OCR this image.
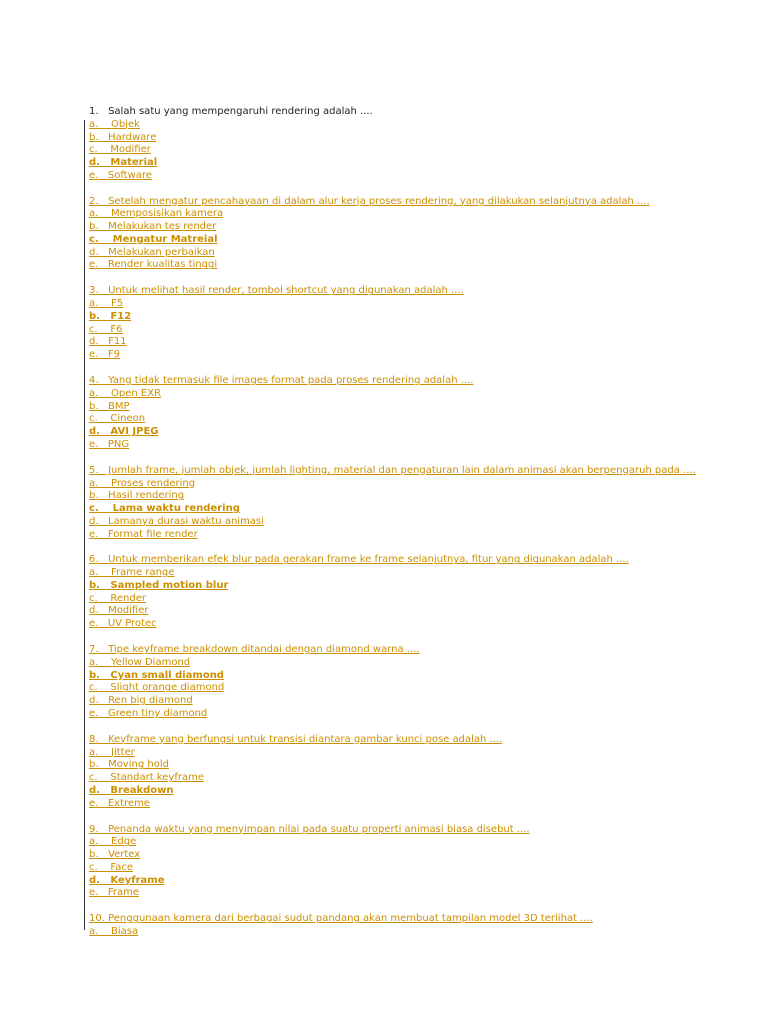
1.   Salah satu yang mempengaruhi rendering adalah ....
a.    Objek
b.   Hardware
c.    Modifier
d.   Material
e.   Software
2.   Setelah mengatur pencahayaan di dalam alur kerja proses rendering, yang dilakukan selanjutnya adalah ....
a.    Memposisikan kamera
b.   Melakukan tes render
c.    Mengatur Matreial
d.   Melakukan perbaikan
e.   Render kualitas tinggi
3.   Untuk melihat hasil render, tombol shortcut yang digunakan adalah ....
a.    F5
b.   F12
c.    F6
d.   F11
e.   F9
4.   Yang tidak termasuk file images format pada proses rendering adalah ....
a.    Open EXR
b.   BMP
c.    Cineon
d.   AVI JPEG
e.   PNG
5.   Jumlah frame, jumlah objek, jumlah lighting, material dan pengaturan lain dalam animasi akan berpengaruh pada ....
a.    Proses rendering
b.   Hasil rendering
c.    Lama waktu rendering
d.   Lamanya durasi waktu animasi
e.   Format file render
6.   Untuk memberikan efek blur pada gerakan frame ke frame selanjutnya, fitur yang digunakan adalah ....
a.    Frame range
b.   Sampled motion blur
c.    Render
d.   Modifier
e.   UV Protec
7.   Tipe keyframe breakdown ditandai dengan diamond warna ....
a.    Yellow Diamond
b.   Cyan small diamond
c.    Slight orange diamond
d.   Ren big diamond
e.   Green tiny diamond
8.   Keyframe yang berfungsi untuk transisi diantara gambar kunci pose adalah ....
a.    Jitter
b.   Moving hold
c.    Standart keyframe
d.   Breakdown
e.   Extreme
9.   Penanda waktu yang menyimpan nilai pada suatu properti animasi biasa disebut ....
a.    Edge
b.   Vertex
c.    Face
d.   Keyframe
e.   Frame
10. Penggunaan kamera dari berbagai sudut pandang akan membuat tampilan model 3D terlihat ....
a.    Biasa
